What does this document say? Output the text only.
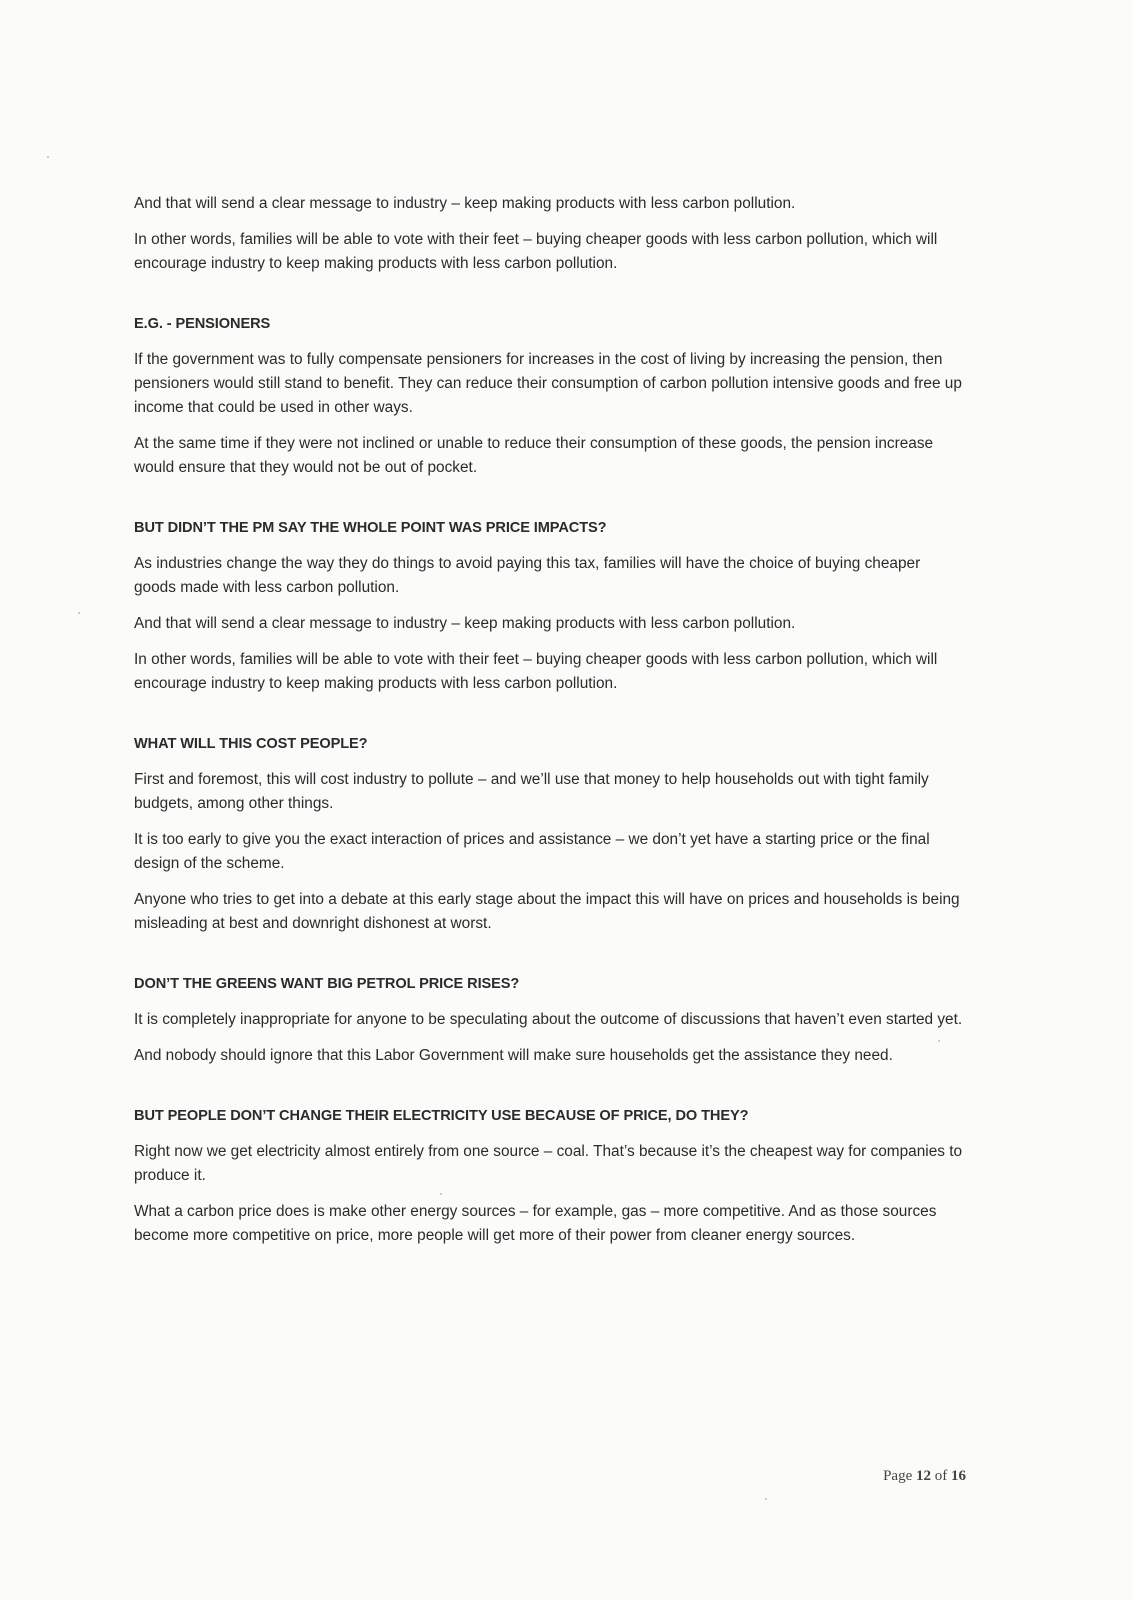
And that will send a clear message to industry – keep making products with less carbon pollution.

In other words, families will be able to vote with their feet – buying cheaper goods with less carbon pollution, which will encourage industry to keep making products with less carbon pollution.

E.G. - PENSIONERS

If the government was to fully compensate pensioners for increases in the cost of living by increasing the pension, then pensioners would still stand to benefit. They can reduce their consumption of carbon pollution intensive goods and free up income that could be used in other ways.

At the same time if they were not inclined or unable to reduce their consumption of these goods, the pension increase would ensure that they would not be out of pocket.

BUT DIDN’T THE PM SAY THE WHOLE POINT WAS PRICE IMPACTS?

As industries change the way they do things to avoid paying this tax, families will have the choice of buying cheaper goods made with less carbon pollution.

And that will send a clear message to industry – keep making products with less carbon pollution.

In other words, families will be able to vote with their feet – buying cheaper goods with less carbon pollution, which will encourage industry to keep making products with less carbon pollution.

WHAT WILL THIS COST PEOPLE?

First and foremost, this will cost industry to pollute – and we’ll use that money to help households out with tight family budgets, among other things.

It is too early to give you the exact interaction of prices and assistance – we don’t yet have a starting price or the final design of the scheme.

Anyone who tries to get into a debate at this early stage about the impact this will have on prices and households is being misleading at best and downright dishonest at worst.

DON’T THE GREENS WANT BIG PETROL PRICE RISES?

It is completely inappropriate for anyone to be speculating about the outcome of discussions that haven’t even started yet.

And nobody should ignore that this Labor Government will make sure households get the assistance they need.

BUT PEOPLE DON’T CHANGE THEIR ELECTRICITY USE BECAUSE OF PRICE, DO THEY?

Right now we get electricity almost entirely from one source – coal. That’s because it’s the cheapest way for companies to produce it.

What a carbon price does is make other energy sources – for example, gas – more competitive. And as those sources become more competitive on price, more people will get more of their power from cleaner energy sources.

Page 12 of 16
